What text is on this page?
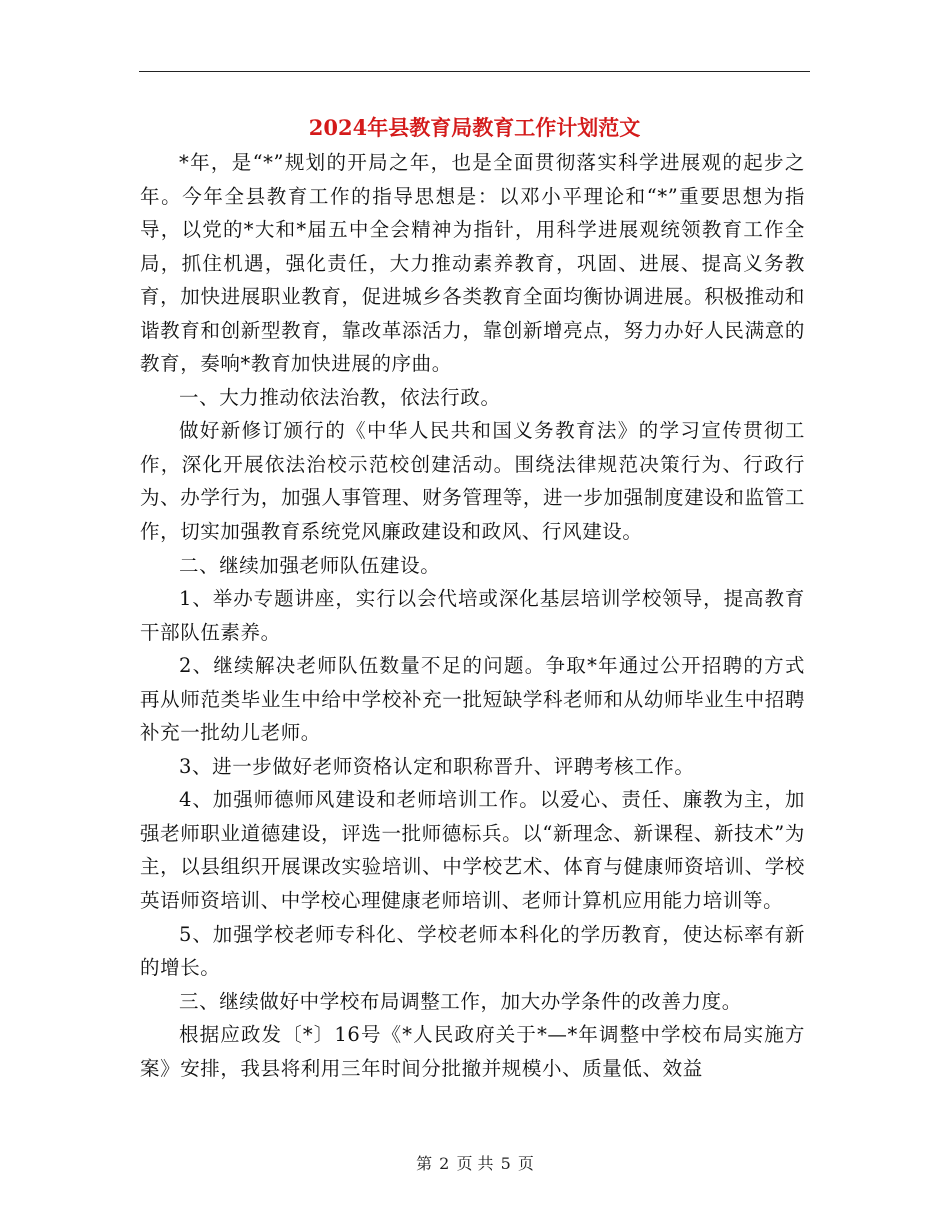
2024年县教育局教育工作计划范文

*年，是“*”规划的开局之年，也是全面贯彻落实科学进展观的起步之年。今年全县教育工作的指导思想是：以邓小平理论和“*”重要思想为指导，以党的*大和*届五中全会精神为指针，用科学进展观统领教育工作全局，抓住机遇，强化责任，大力推动素养教育，巩固、进展、提高义务教育，加快进展职业教育，促进城乡各类教育全面均衡协调进展。积极推动和谐教育和创新型教育，靠改革添活力，靠创新增亮点，努力办好人民满意的教育，奏响*教育加快进展的序曲。

一、大力推动依法治教，依法行政。

做好新修订颁行的《中华人民共和国义务教育法》的学习宣传贯彻工作，深化开展依法治校示范校创建活动。围绕法律规范决策行为、行政行为、办学行为，加强人事管理、财务管理等，进一步加强制度建设和监管工作，切实加强教育系统党风廉政建设和政风、行风建设。

二、继续加强老师队伍建设。

1、举办专题讲座，实行以会代培或深化基层培训学校领导，提高教育干部队伍素养。

2、继续解决老师队伍数量不足的问题。争取*年通过公开招聘的方式再从师范类毕业生中给中学校补充一批短缺学科老师和从幼师毕业生中招聘补充一批幼儿老师。

3、进一步做好老师资格认定和职称晋升、评聘考核工作。

4、加强师德师风建设和老师培训工作。以爱心、责任、廉教为主，加强老师职业道德建设，评选一批师德标兵。以“新理念、新课程、新技术”为主，以县组织开展课改实验培训、中学校艺术、体育与健康师资培训、学校英语师资培训、中学校心理健康老师培训、老师计算机应用能力培训等。

5、加强学校老师专科化、学校老师本科化的学历教育，使达标率有新的增长。

三、继续做好中学校布局调整工作，加大办学条件的改善力度。

根据应政发〔*〕16号《*人民政府关于*—*年调整中学校布局实施方案》安排，我县将利用三年时间分批撤并规模小、质量低、效益

第 2 页 共 5 页
